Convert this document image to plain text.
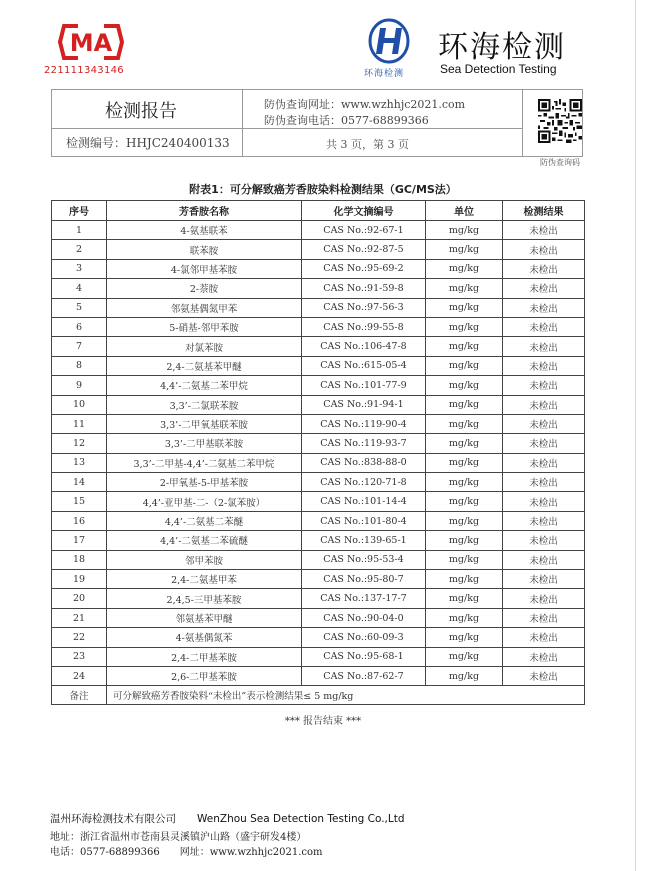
MA
221111343146	环海检测
环海检测
Sea Detection Testing
检测报告
检测编号：HHJC240400133
防伪查询网址：www.wzhhjc2021.com
防伪查询电话：0577-68899366
共 3 页，第 3 页
防伪查询码
附表1：可分解致癌芳香胺染料检测结果（GC/MS法）
序号	芳香胺名称	化学文摘编号	单位	检测结果
1	4-氨基联苯	CAS No.:92-67-1	mg/kg	未检出
2	联苯胺	CAS No.:92-87-5	mg/kg	未检出
3	4-氯邻甲基苯胺	CAS No.:95-69-2	mg/kg	未检出
4	2-萘胺	CAS No.:91-59-8	mg/kg	未检出
5	邻氨基偶氮甲苯	CAS No.:97-56-3	mg/kg	未检出
6	5-硝基-邻甲苯胺	CAS No.:99-55-8	mg/kg	未检出
7	对氯苯胺	CAS No.:106-47-8	mg/kg	未检出
8	2,4-二氨基苯甲醚	CAS No.:615-05-4	mg/kg	未检出
9	4,4’-二氨基二苯甲烷	CAS No.:101-77-9	mg/kg	未检出
10	3,3’-二氯联苯胺	CAS No.:91-94-1	mg/kg	未检出
11	3,3’-二甲氧基联苯胺	CAS No.:119-90-4	mg/kg	未检出
12	3,3’-二甲基联苯胺	CAS No.:119-93-7	mg/kg	未检出
13	3,3’-二甲基-4,4’-二氨基二苯甲烷	CAS No.:838-88-0	mg/kg	未检出
14	2-甲氧基-5-甲基苯胺	CAS No.:120-71-8	mg/kg	未检出
15	4,4’-亚甲基-二-（2-氯苯胺）	CAS No.:101-14-4	mg/kg	未检出
16	4,4’-二氨基二苯醚	CAS No.:101-80-4	mg/kg	未检出
17	4,4’-二氨基二苯硫醚	CAS No.:139-65-1	mg/kg	未检出
18	邻甲苯胺	CAS No.:95-53-4	mg/kg	未检出
19	2,4-二氨基甲苯	CAS No.:95-80-7	mg/kg	未检出
20	2,4,5-三甲基苯胺	CAS No.:137-17-7	mg/kg	未检出
21	邻氨基苯甲醚	CAS No.:90-04-0	mg/kg	未检出
22	4-氨基偶氮苯	CAS No.:60-09-3	mg/kg	未检出
23	2,4-二甲基苯胺	CAS No.:95-68-1	mg/kg	未检出
24	2,6-二甲基苯胺	CAS No.:87-62-7	mg/kg	未检出
备注	可分解致癌芳香胺染料“未检出”表示检测结果≤ 5 mg/kg			
*** 报告结束 ***
温州环海检测技术有限公司　　WenZhou Sea Detection Testing Co.,Ltd
地址：浙江省温州市苍南县灵溪镇沪山路（盛宇研发4楼）
电话：0577-68899366　　网址：www.wzhhjc2021.com
